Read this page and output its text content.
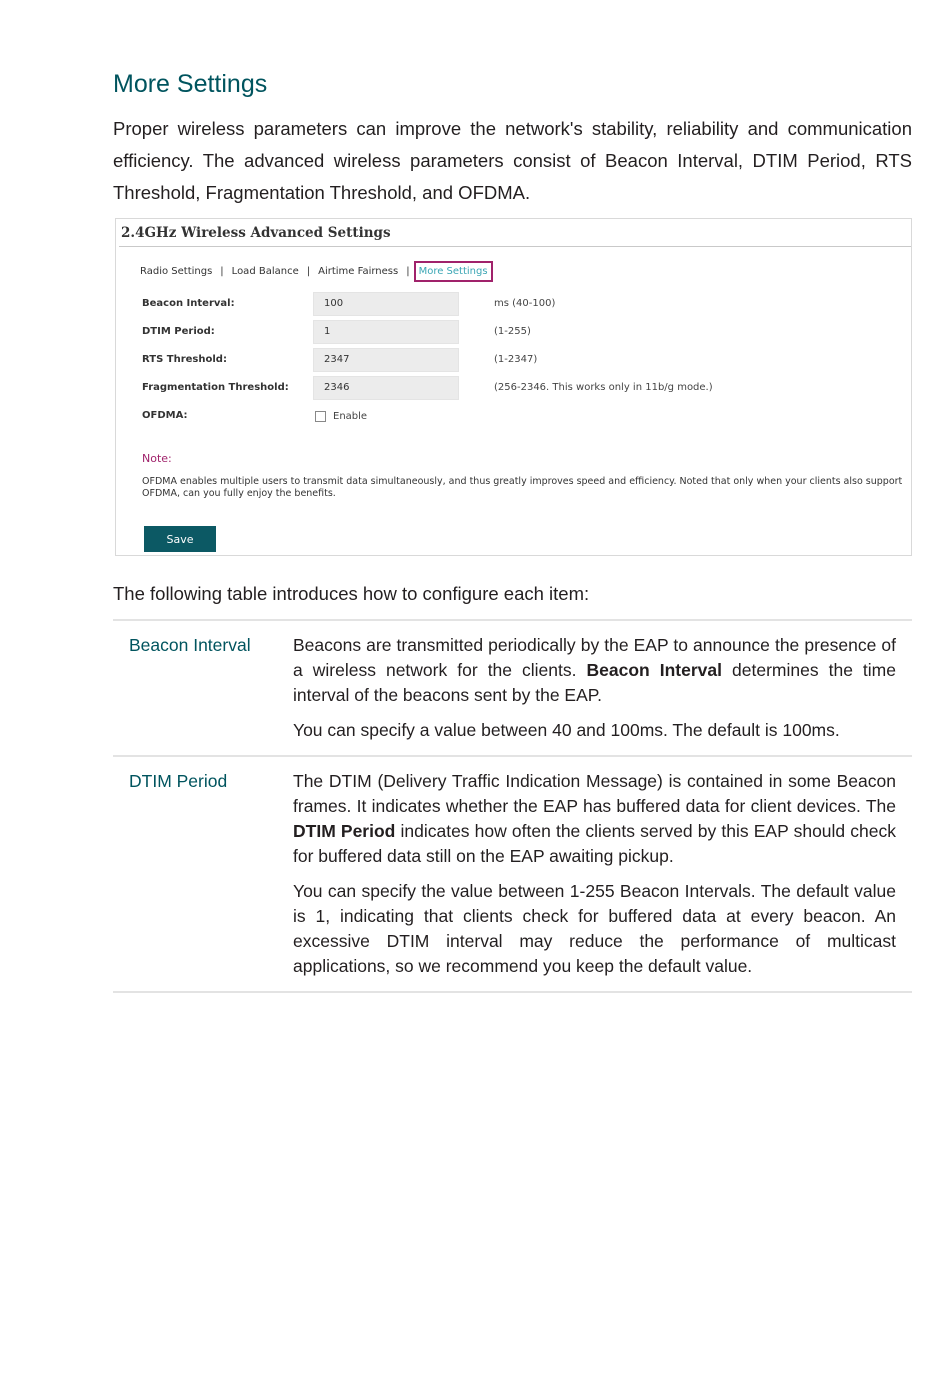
More Settings

Proper wireless parameters can improve the network's stability, reliability and communication efficiency. The advanced wireless parameters consist of Beacon Interval, DTIM Period, RTS Threshold, Fragmentation Threshold, and OFDMA.

2.4GHz Wireless Advanced Settings
Radio Settings | Load Balance | Airtime Fairness | More Settings
Beacon Interval:	100	ms (40-100)
DTIM Period:	1	(1-255)
RTS Threshold:	2347	(1-2347)
Fragmentation Threshold:	2346	(256-2346. This works only in 11b/g mode.)
OFDMA:	Enable
Note:
OFDMA enables multiple users to transmit data simultaneously, and thus greatly improves speed and efficiency. Noted that only when your clients also support
OFDMA, can you fully enjoy the benefits.
Save

The following table introduces how to configure each item:

Beacon Interval	Beacons are transmitted periodically by the EAP to announce the presence of a wireless network for the clients. Beacon Interval determines the time interval of the beacons sent by the EAP.

You can specify a value between 40 and 100ms. The default is 100ms.

DTIM Period	The DTIM (Delivery Traffic Indication Message) is contained in some Beacon frames. It indicates whether the EAP has buffered data for client devices. The DTIM Period indicates how often the clients served by this EAP should check for buffered data still on the EAP awaiting pickup.

You can specify the value between 1-255 Beacon Intervals. The default value is 1, indicating that clients check for buffered data at every beacon. An excessive DTIM interval may reduce the performance of multicast applications, so we recommend you keep the default value.
